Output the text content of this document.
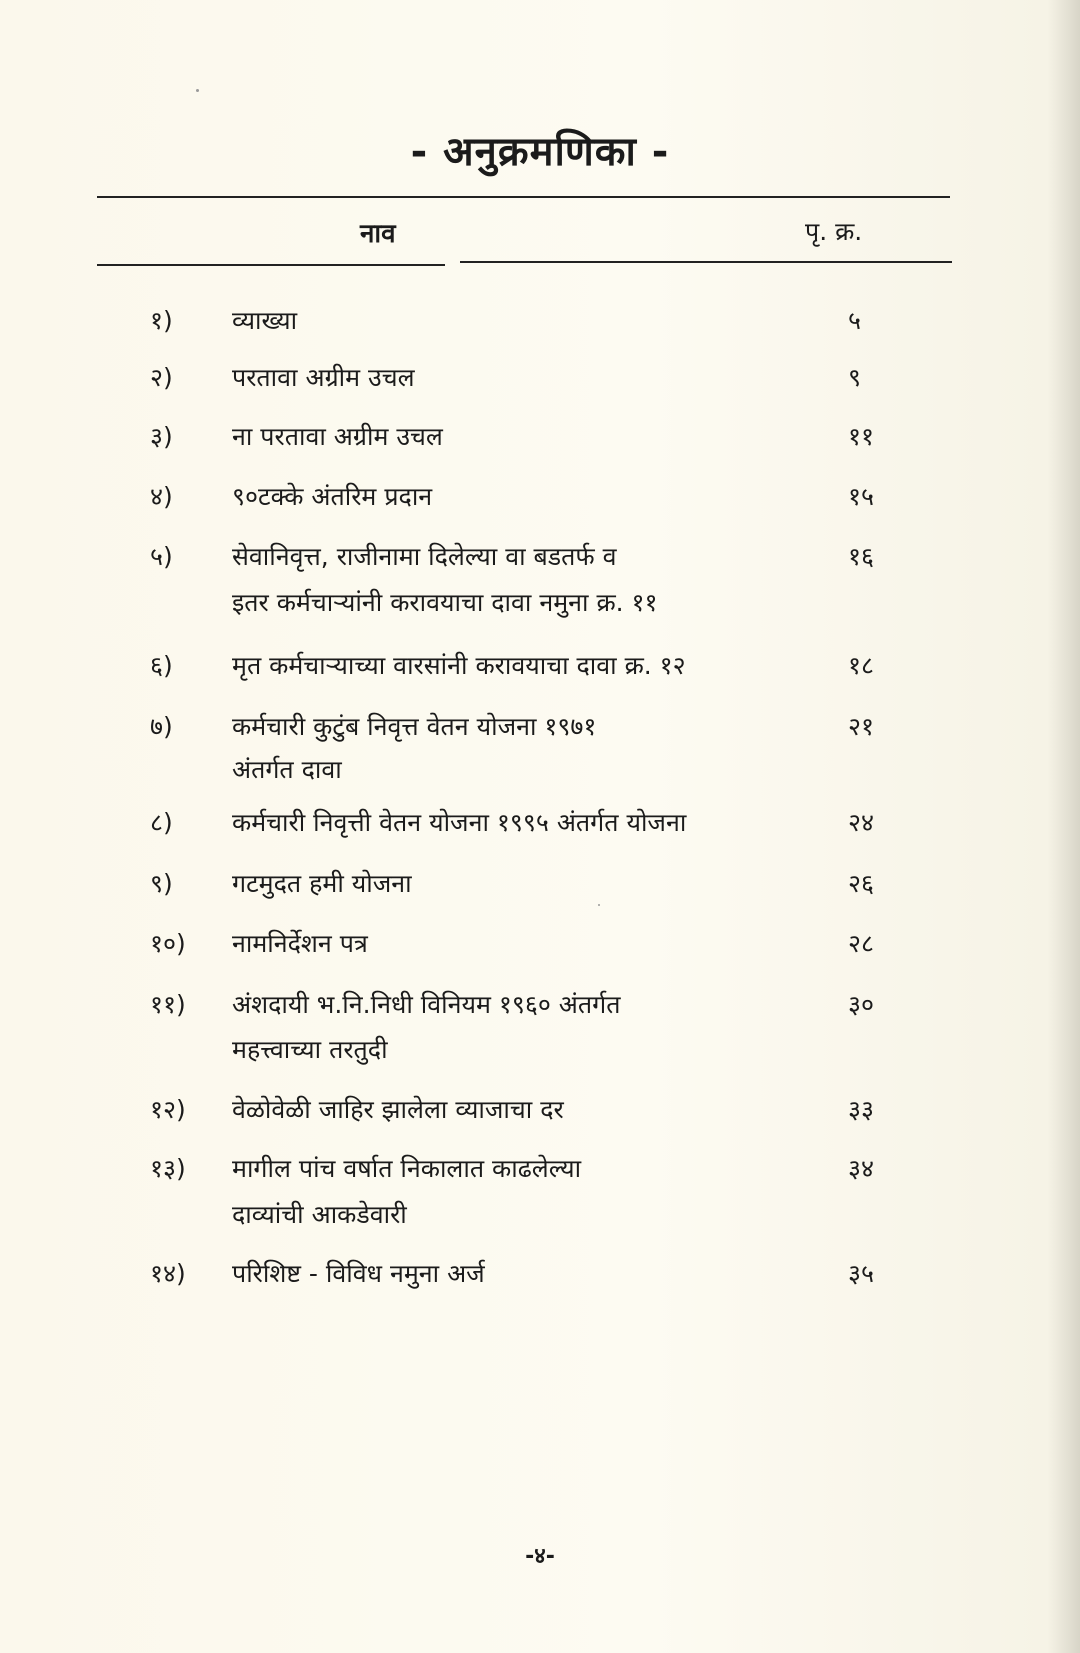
- अनुक्रमणिका -
नाव	पृ. क्र.
१)	व्याख्या	५
२)	परतावा अग्रीम उचल	९
३)	ना परतावा अग्रीम उचल	११
४)	९०टक्के अंतरिम प्रदान	१५
५)	सेवानिवृत्त, राजीनामा दिलेल्या वा बडतर्फ व	१६
इतर कर्मचाऱ्यांनी करावयाचा दावा नमुना क्र. ११
६)	मृत कर्मचाऱ्याच्या वारसांनी करावयाचा दावा क्र. १२	१८
७)	कर्मचारी कुटुंब निवृत्त वेतन योजना १९७१	२१
अंतर्गत दावा
८)	कर्मचारी निवृत्ती वेतन योजना १९९५ अंतर्गत योजना	२४
९)	गटमुदत हमी योजना	२६
१०)	नामनिर्देशन पत्र	२८
११)	अंशदायी भ.नि.निधी विनियम १९६० अंतर्गत	३०
महत्त्वाच्या तरतुदी
१२)	वेळोवेळी जाहिर झालेला व्याजाचा दर	३३
१३)	मागील पांच वर्षात निकालात काढलेल्या	३४
दाव्यांची आकडेवारी
१४)	परिशिष्ट - विविध नमुना अर्ज	३५
-४-
